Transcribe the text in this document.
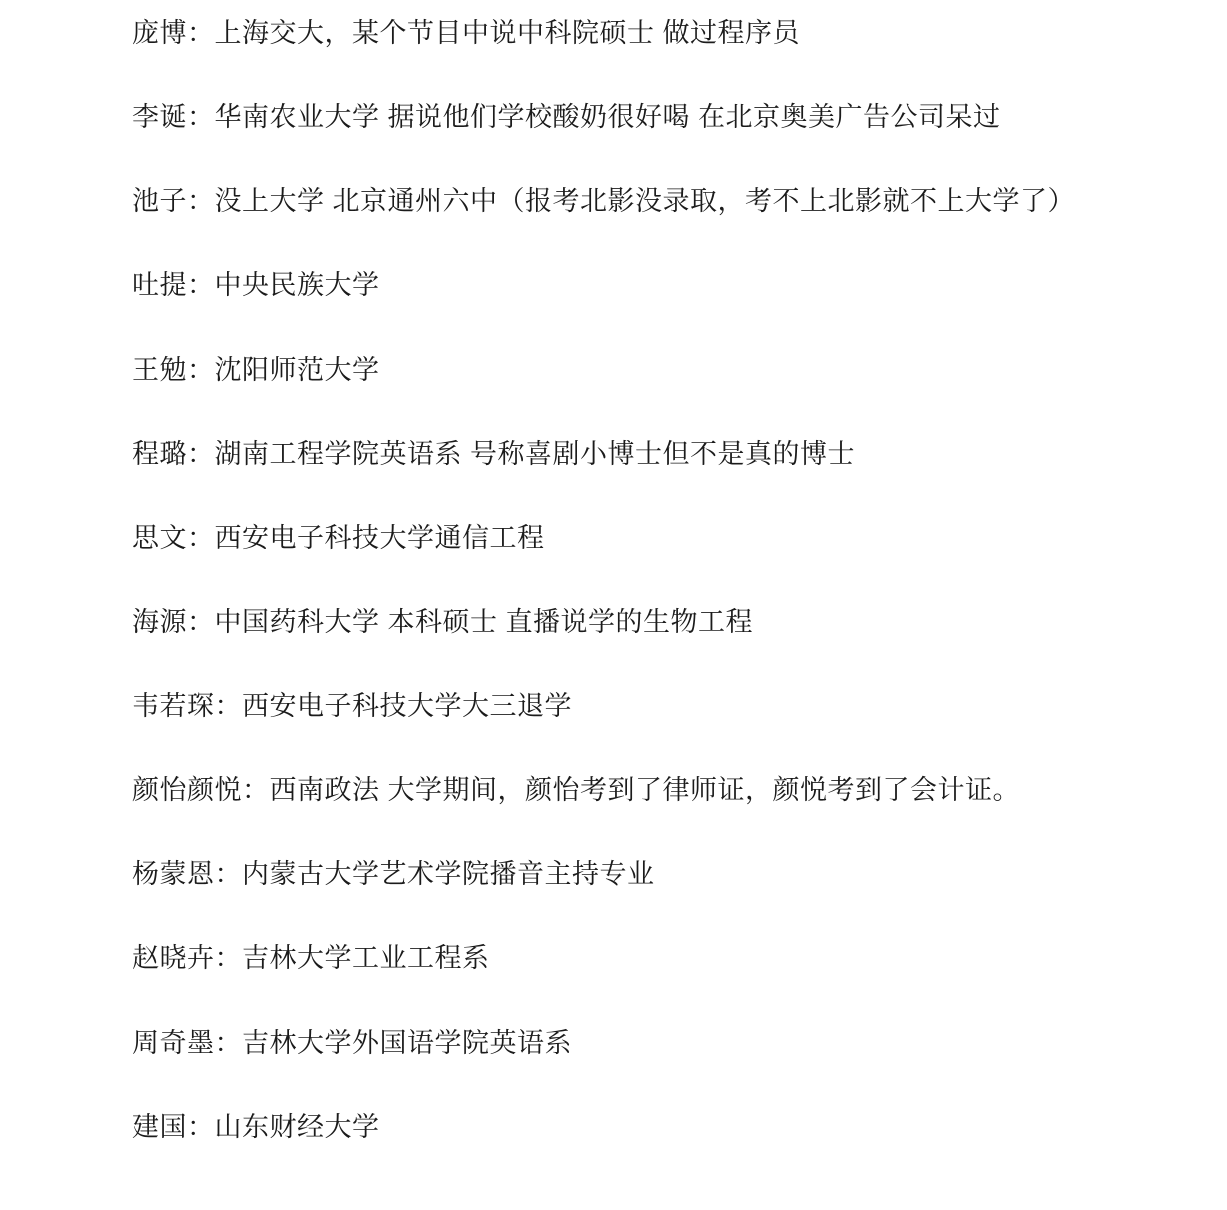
庞博：上海交大，某个节目中说中科院硕士 做过程序员

李诞：华南农业大学 据说他们学校酸奶很好喝 在北京奥美广告公司呆过

池子：没上大学 北京通州六中（报考北影没录取，考不上北影就不上大学了）

吐提：中央民族大学

王勉：沈阳师范大学

程璐：湖南工程学院英语系 号称喜剧小博士但不是真的博士

思文：西安电子科技大学通信工程

海源：中国药科大学 本科硕士 直播说学的生物工程

韦若琛：西安电子科技大学大三退学

颜怡颜悦：西南政法 大学期间，颜怡考到了律师证，颜悦考到了会计证。

杨蒙恩：内蒙古大学艺术学院播音主持专业

赵晓卉：吉林大学工业工程系

周奇墨：吉林大学外国语学院英语系

建国：山东财经大学
